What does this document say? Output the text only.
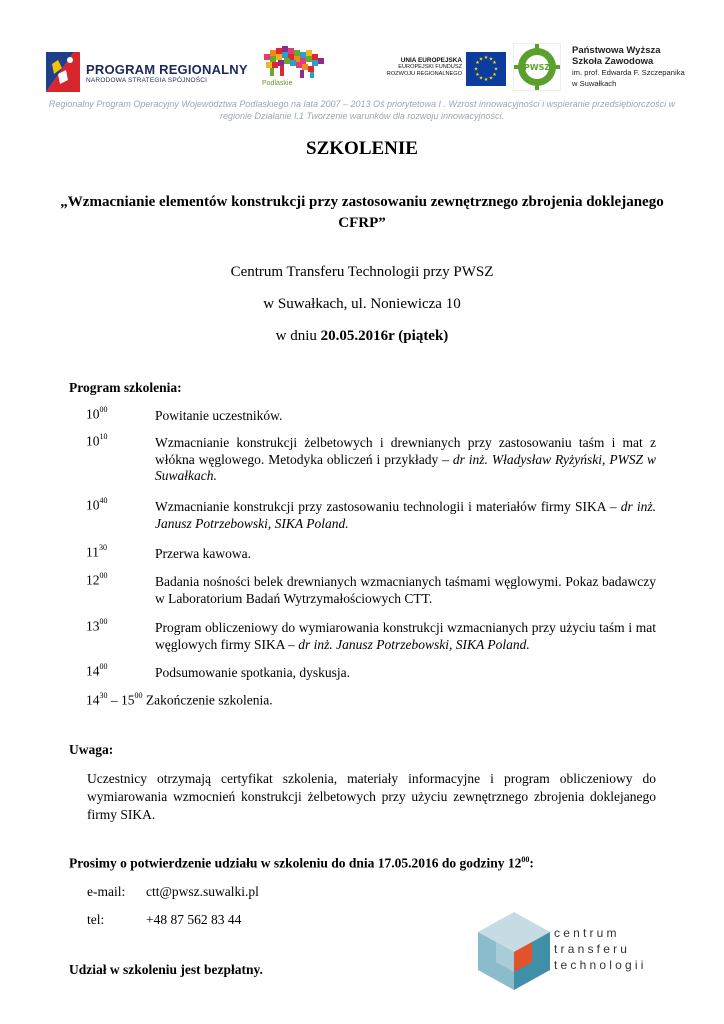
PROGRAM REGIONALNY
NARODOWA STRATEGIA SPÓJNOŚCI	Podlaskie
UNIA EUROPEJSKA
EUROPEJSKI FUNDUSZ
ROZWOJU REGIONALNEGO
★ ★
★
★
★
★
★
★
★
★
★
★
PWSZ
Państwowa Wyższa
Szkoła Zawodowa
im. prof. Edwarda F. Szczepanika
w Suwałkach
Regionalny Program Operacyjny Województwa Podlaskiego na lata 2007 – 2013 Oś priorytetowa I . Wzrost innowacyjności i wspieranie przedsiębiorczości w regionie Działanie I.1 Tworzenie warunków dla rozwoju innowacyjności.
SZKOLENIE
„Wzmacnianie elementów konstrukcji przy zastosowaniu zewnętrznego zbrojenia doklejanego CFRP”
Centrum Transferu Technologii przy PWSZ
w Suwałkach, ul. Noniewicza 10
w dniu 20.05.2016r (piątek)
Program szkolenia:
$10^{00}$	Powitanie uczestników.
$10^{10}$	Wzmacnianie konstrukcji żelbetowych i drewnianych przy zastosowaniu taśm i mat z włókna węglowego. Metodyka obliczeń i przykłady – dr inż. Władysław Ryżyński, PWSZ w Suwałkach.
$10^{40}$	Wzmacnianie konstrukcji przy zastosowaniu technologii i materiałów firmy SIKA – dr inż. Janusz Potrzebowski, SIKA Poland.
$11^{30}$	Przerwa kawowa.
$12^{00}$	Badania nośności belek drewnianych wzmacnianych taśmami węglowymi. Pokaz badawczy w Laboratorium Badań Wytrzymałościowych CTT.
$13^{00}$	Program obliczeniowy do wymiarowania konstrukcji wzmacnianych przy użyciu taśm i mat węglowych firmy SIKA – dr inż. Janusz Potrzebowski, SIKA Poland.
$14^{00}$	Podsumowanie spotkania, dyskusja.
$14^{30} - 15^{00}$ Zakończenie szkolenia.
Uwaga:
Uczestnicy otrzymają certyfikat szkolenia, materiały informacyjne i program obliczeniowy do wymiarowania wzmocnień konstrukcji żelbetowych przy użyciu zewnętrznego zbrojenia doklejanego firmy SIKA.
Prosimy o potwierdzenie udziału w szkoleniu do dnia 17.05.2016 do godziny $12^{00}$:
e-mail: ctt@pwsz.suwalki.pl
tel:	+48 87 562 83 44
Udział w szkoleniu jest bezpłatny.
centrum
transferu
technologii
